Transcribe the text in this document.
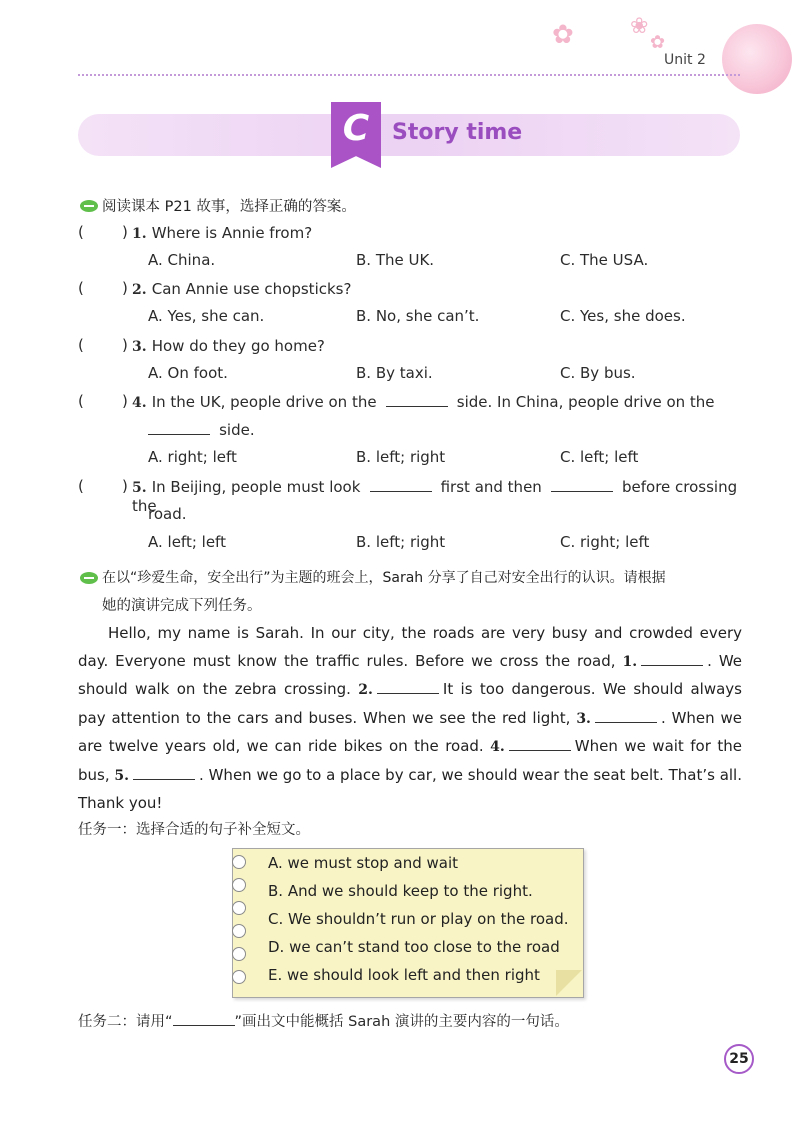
✿	❀
✿
Unit 2
C	Story time
阅读课本 P21 故事，选择正确的答案。
(        ) 1. Where is Annie from?
A. China.	B. The UK.	C. The USA.
(        ) 2. Can Annie use chopsticks?
A. Yes, she can.	B. No, she can’t.	C. Yes, she does.
(        ) 3. How do they go home?
A. On foot.	B. By taxi.	C. By bus.
(        ) 4. In the UK, people drive on the	side. In China, people drive on the
side.
A. right; left	B. left; right	C. left; left
(        ) 5. In Beijing, people must look	first and then	before crossing the
road.
A. left; left	B. left; right	C. right; left
在以“珍爱生命，安全出行”为主题的班会上，Sarah 分享了自己对安全出行的认识。请根据
她的演讲完成下列任务。
Hello, my name is Sarah. In our city, the roads are very busy and crowded every
day. Everyone must know the traffic rules. Before we cross the road, 1.	. We
should walk on the zebra crossing. 2.	It is too dangerous. We should always
pay attention to the cars and buses. When we see the red light, 3.	. When we
are twelve years old, we can ride bikes on the road. 4.	When we wait for the
bus, 5.	. When we go to a place by car, we should wear the seat belt. That’s all.
Thank you!
任务一：选择合适的句子补全短文。
A. we must stop and wait
B. And we should keep to the right.
C. We shouldn’t run or play on the road.
D. we can’t stand too close to the road
E. we should look left and then right
任务二：请用“	”画出文中能概括 Sarah 演讲的主要内容的一句话。
25
